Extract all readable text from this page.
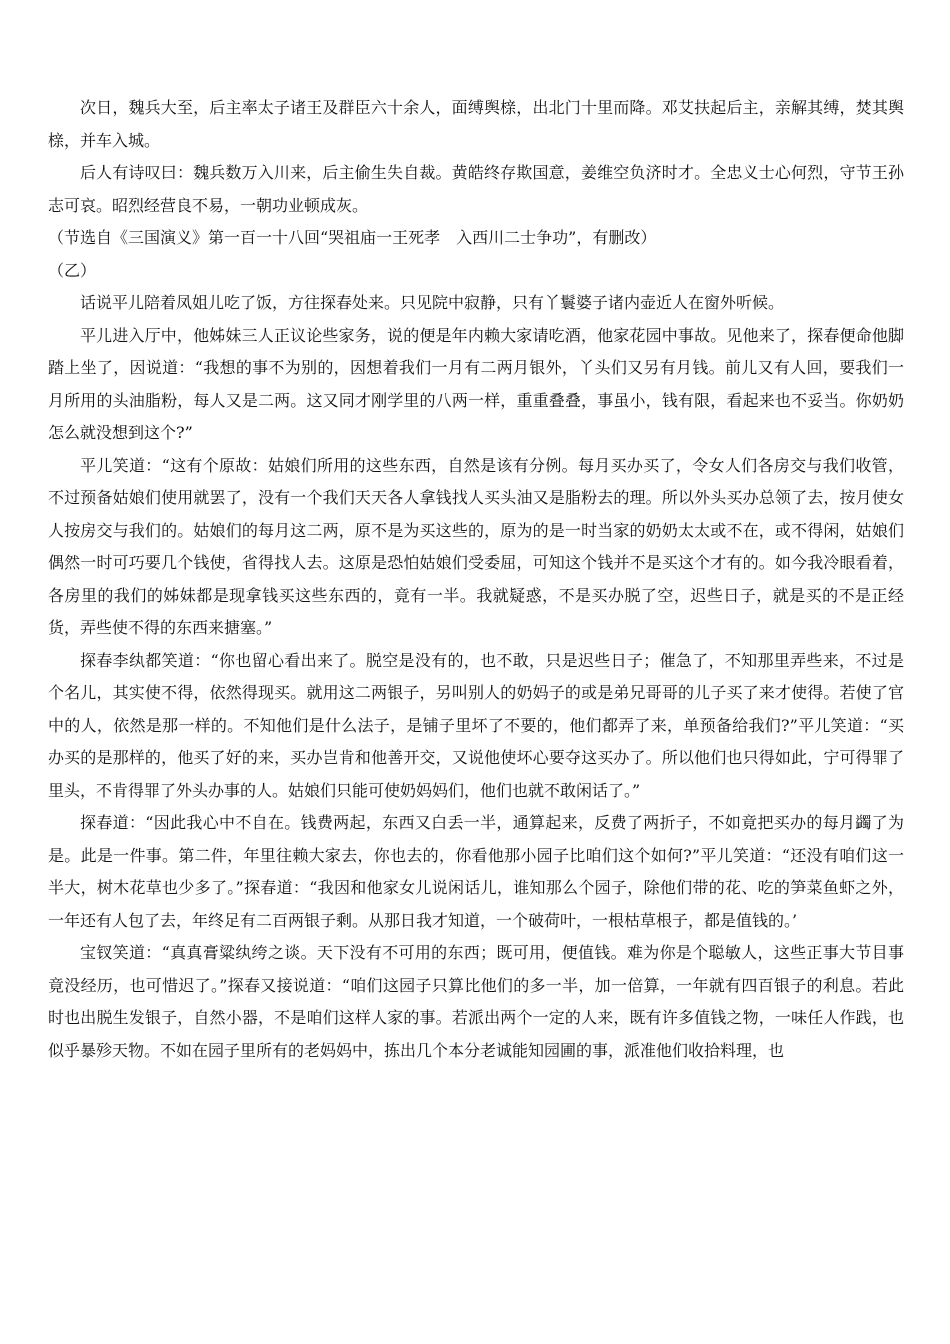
次日，魏兵大至，后主率太子诸王及群臣六十余人，面缚舆榇，出北门十里而降。邓艾扶起后主，亲解其缚，焚其舆榇，并车入城。

后人有诗叹曰：魏兵数万入川来，后主偷生失自裁。黄皓终存欺国意，姜维空负济时才。全忠义士心何烈，守节王孙志可哀。昭烈经营良不易，一朝功业顿成灰。

（节选自《三国演义》第一百一十八回“哭祖庙一王死孝　入西川二士争功”，有删改）

（乙）

话说平儿陪着凤姐儿吃了饭，方往探春处来。只见院中寂静，只有丫鬟婆子诸内壶近人在窗外听候。

平儿进入厅中，他姊妹三人正议论些家务，说的便是年内赖大家请吃酒，他家花园中事故。见他来了，探春便命他脚踏上坐了，因说道：“我想的事不为别的，因想着我们一月有二两月银外，丫头们又另有月钱。前儿又有人回，要我们一月所用的头油脂粉，每人又是二两。这又同才刚学里的八两一样，重重叠叠，事虽小，钱有限，看起来也不妥当。你奶奶怎么就没想到这个?”

平儿笑道：“这有个原故：姑娘们所用的这些东西，自然是该有分例。每月买办买了，令女人们各房交与我们收管，不过预备姑娘们使用就罢了，没有一个我们天天各人拿钱找人买头油又是脂粉去的理。所以外头买办总领了去，按月使女人按房交与我们的。姑娘们的每月这二两，原不是为买这些的，原为的是一时当家的奶奶太太或不在，或不得闲，姑娘们偶然一时可巧要几个钱使，省得找人去。这原是恐怕姑娘们受委屈，可知这个钱并不是买这个才有的。如今我冷眼看着，各房里的我们的姊妹都是现拿钱买这些东西的，竟有一半。我就疑惑，不是买办脱了空，迟些日子，就是买的不是正经货，弄些使不得的东西来搪塞。”

探春李纨都笑道：“你也留心看出来了。脱空是没有的，也不敢，只是迟些日子；催急了，不知那里弄些来，不过是个名儿，其实使不得，依然得现买。就用这二两银子，另叫别人的奶妈子的或是弟兄哥哥的儿子买了来才使得。若使了官中的人，依然是那一样的。不知他们是什么法子，是铺子里坏了不要的，他们都弄了来，单预备给我们?”平儿笑道：“买办买的是那样的，他买了好的来，买办岂肯和他善开交，又说他使坏心要夺这买办了。所以他们也只得如此，宁可得罪了里头，不肯得罪了外头办事的人。姑娘们只能可使奶妈妈们，他们也就不敢闲话了。”

探春道：“因此我心中不自在。钱费两起，东西又白丢一半，通算起来，反费了两折子，不如竟把买办的每月蠲了为是。此是一件事。第二件，年里往赖大家去，你也去的，你看他那小园子比咱们这个如何?”平儿笑道：“还没有咱们这一半大，树木花草也少多了。”探春道：“我因和他家女儿说闲话儿，谁知那么个园子，除他们带的花、吃的笋菜鱼虾之外，一年还有人包了去，年终足有二百两银子剩。从那日我才知道，一个破荷叶，一根枯草根子，都是值钱的。’

宝钗笑道：“真真膏粱纨绔之谈。天下没有不可用的东西；既可用，便值钱。难为你是个聪敏人，这些正事大节目事竟没经历，也可惜迟了。”探春又接说道：“咱们这园子只算比他们的多一半，加一倍算，一年就有四百银子的利息。若此时也出脱生发银子，自然小器，不是咱们这样人家的事。若派出两个一定的人来，既有许多值钱之物，一味任人作践，也似乎暴殄天物。不如在园子里所有的老妈妈中，拣出几个本分老诚能知园圃的事，派准他们收拾料理，也
